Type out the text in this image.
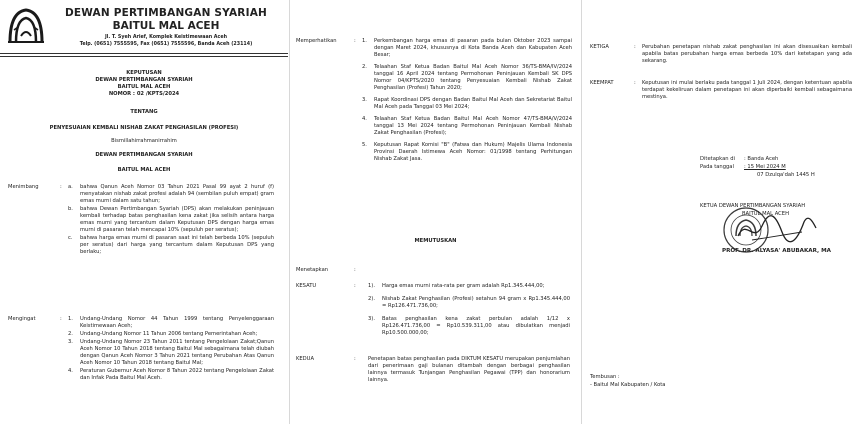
DEWAN PERTIMBANGAN SYARIAH
BAITUL MAL ACEH
Jl. T. Syeh Arief, Komplek Keistimewaan Aceh
Telp. (0651) 7555595, Fax (0651) 7555596, Banda Aceh (23114)
KEPUTUSAN
DEWAN PERTIMBANGAN SYARIAH
BAITUL MAL ACEH
NOMOR : 02 /KPTS/2024
TENTANG
PENYESUAIAN KEMBALI NISHAB ZAKAT PENGHASILAN (PROFESI)
Bismillahirrahmanirrahim
DEWAN PERTIMBANGAN SYARIAH
BAITUL MAL ACEH
Menimbang	: a.	bahwa Qanun Aceh Nomor 03 Tahun 2021 Pasal 99 ayat 2 huruf (f) menyatakan nishab zakat profesi adalah 94 (sembilan puluh empat) gram emas murni dalam satu tahun;
b.	bahwa Dewan Pertimbangan Syariah (DPS) akan melakukan peninjauan kembali terhadap batas penghasilan kena zakat jika selisih antara harga emas murni yang tercantum dalam Keputusan DPS dengan harga emas murni di pasaran telah mencapai 10% (sepuluh per seratus);
c.	bahwa harga emas murni di pasaran saat ini telah berbeda 10% (sepuluh per seratus) dari harga yang tercantum dalam Keputusan DPS yang berlaku;
Mengingat	: 1.	Undang-Undang Nomor 44 Tahun 1999 tentang Penyelenggaraan Keistimewaan Aceh;
2.	Undang-Undang Nomor 11 Tahun 2006 tentang Pemerintahan Aceh;
3.	Undang-Undang Nomor 23 Tahun 2011 tentang Pengelolaan Zakat;Qanun Aceh Nomor 10 Tahun 2018 tentang Baitul Mal sebagaimana telah diubah dengan Qanun Aceh Nomor 3 Tahun 2021 tentang Perubahan Atas Qanun Aceh Nomor 10 Tahun 2018 tentang Baitul Mal;
4.	Peraturan Gubernur Aceh Nomor 8 Tahun 2022 tentang Pengelolaan Zakat dan Infak Pada Baitul Mal Aceh.
Memperhatikan	: 1.	Perkembangan harga emas di pasaran pada bulan Oktober 2023 sampai dengan Maret 2024, khususnya di Kota Banda Aceh dan Kabupaten Aceh Besar;
2.	Telaahan Staf Ketua Badan Baitul Mal Aceh Nomor 36/TS-BMA/IV/2024 tanggal 16 April 2024 tentang Permohonan Peninjauan Kembali SK DPS Nomor 04/KPTS/2020 tentang Penyesuaian Kembali Nishab Zakat Penghasilan (Profesi) Tahun 2020;
3.	Rapat Koordinasi DPS dengan Badan Baitul Mal Aceh dan Sekretariat Baitul Mal Aceh pada Tanggal 03 Mei 2024;
4.	Telaahan Staf Ketua Badan Baitul Mal Aceh Nomor 47/TS-BMA/V/2024 tanggal 13 Mei 2024 tentang Permohonan Peninjauan Kembali Nishab Zakat Penghasilan (Profesi);
5.	Keputusan Rapat Komisi "B" (Fatwa dan Hukum) Majelis Ulama Indonesia Provinsi Daerah Istimewa Aceh Nomor: 01/1998 tentang Perhitungan Nishab Zakat Jasa.
MEMUTUSKAN
Menetapkan	:
KESATU	: 1).	Harga emas murni rata-rata per gram adalah Rp1.345.444,00;
2).	Nishab Zakat Penghasilan (Profesi) setahun 94 gram x Rp1.345.444,00 = Rp126.471.736,00;
3).	Batas penghasilan kena zakat perbulan adalah 1/12 x Rp126.471.736,00 = Rp10.539.311,00 atau dibulatkan menjadi Rp10.500.000,00;
KEDUA	: Penetapan batas penghasilan pada DIKTUM KESATU merupakan penjumlahan dari penerimaan gaji bulanan ditambah dengan berbagai penghasilan lainnya termasuk Tunjangan Penghasilan Pegawai (TPP) dan honorarium lainnya.
KETIGA	: Perubahan penetapan nishab zakat penghasilan ini akan disesuaikan kembali apabila batas perubahan harga emas berbeda 10% dari ketetapan yang ada sekarang.
KEEMPAT	: Keputusan ini mulai berlaku pada tanggal 1 Juli 2024, dengan ketentuan apabila terdapat kekeliruan dalam penetapan ini akan diperbaiki kembali sebagaimana mestinya.
Ditetapkan di : Banda Aceh
Pada tanggal : 15 Mei 2024 M
07 Dzulqa'dah 1445 H
KETUA DEWAN PERTIMBANGAN SYARIAH
BAITUL MAL ACEH
PROF. DR. ALYASA' ABUBAKAR, MA
Tembusan :
- Baitul Mal Kabupaten / Kota
